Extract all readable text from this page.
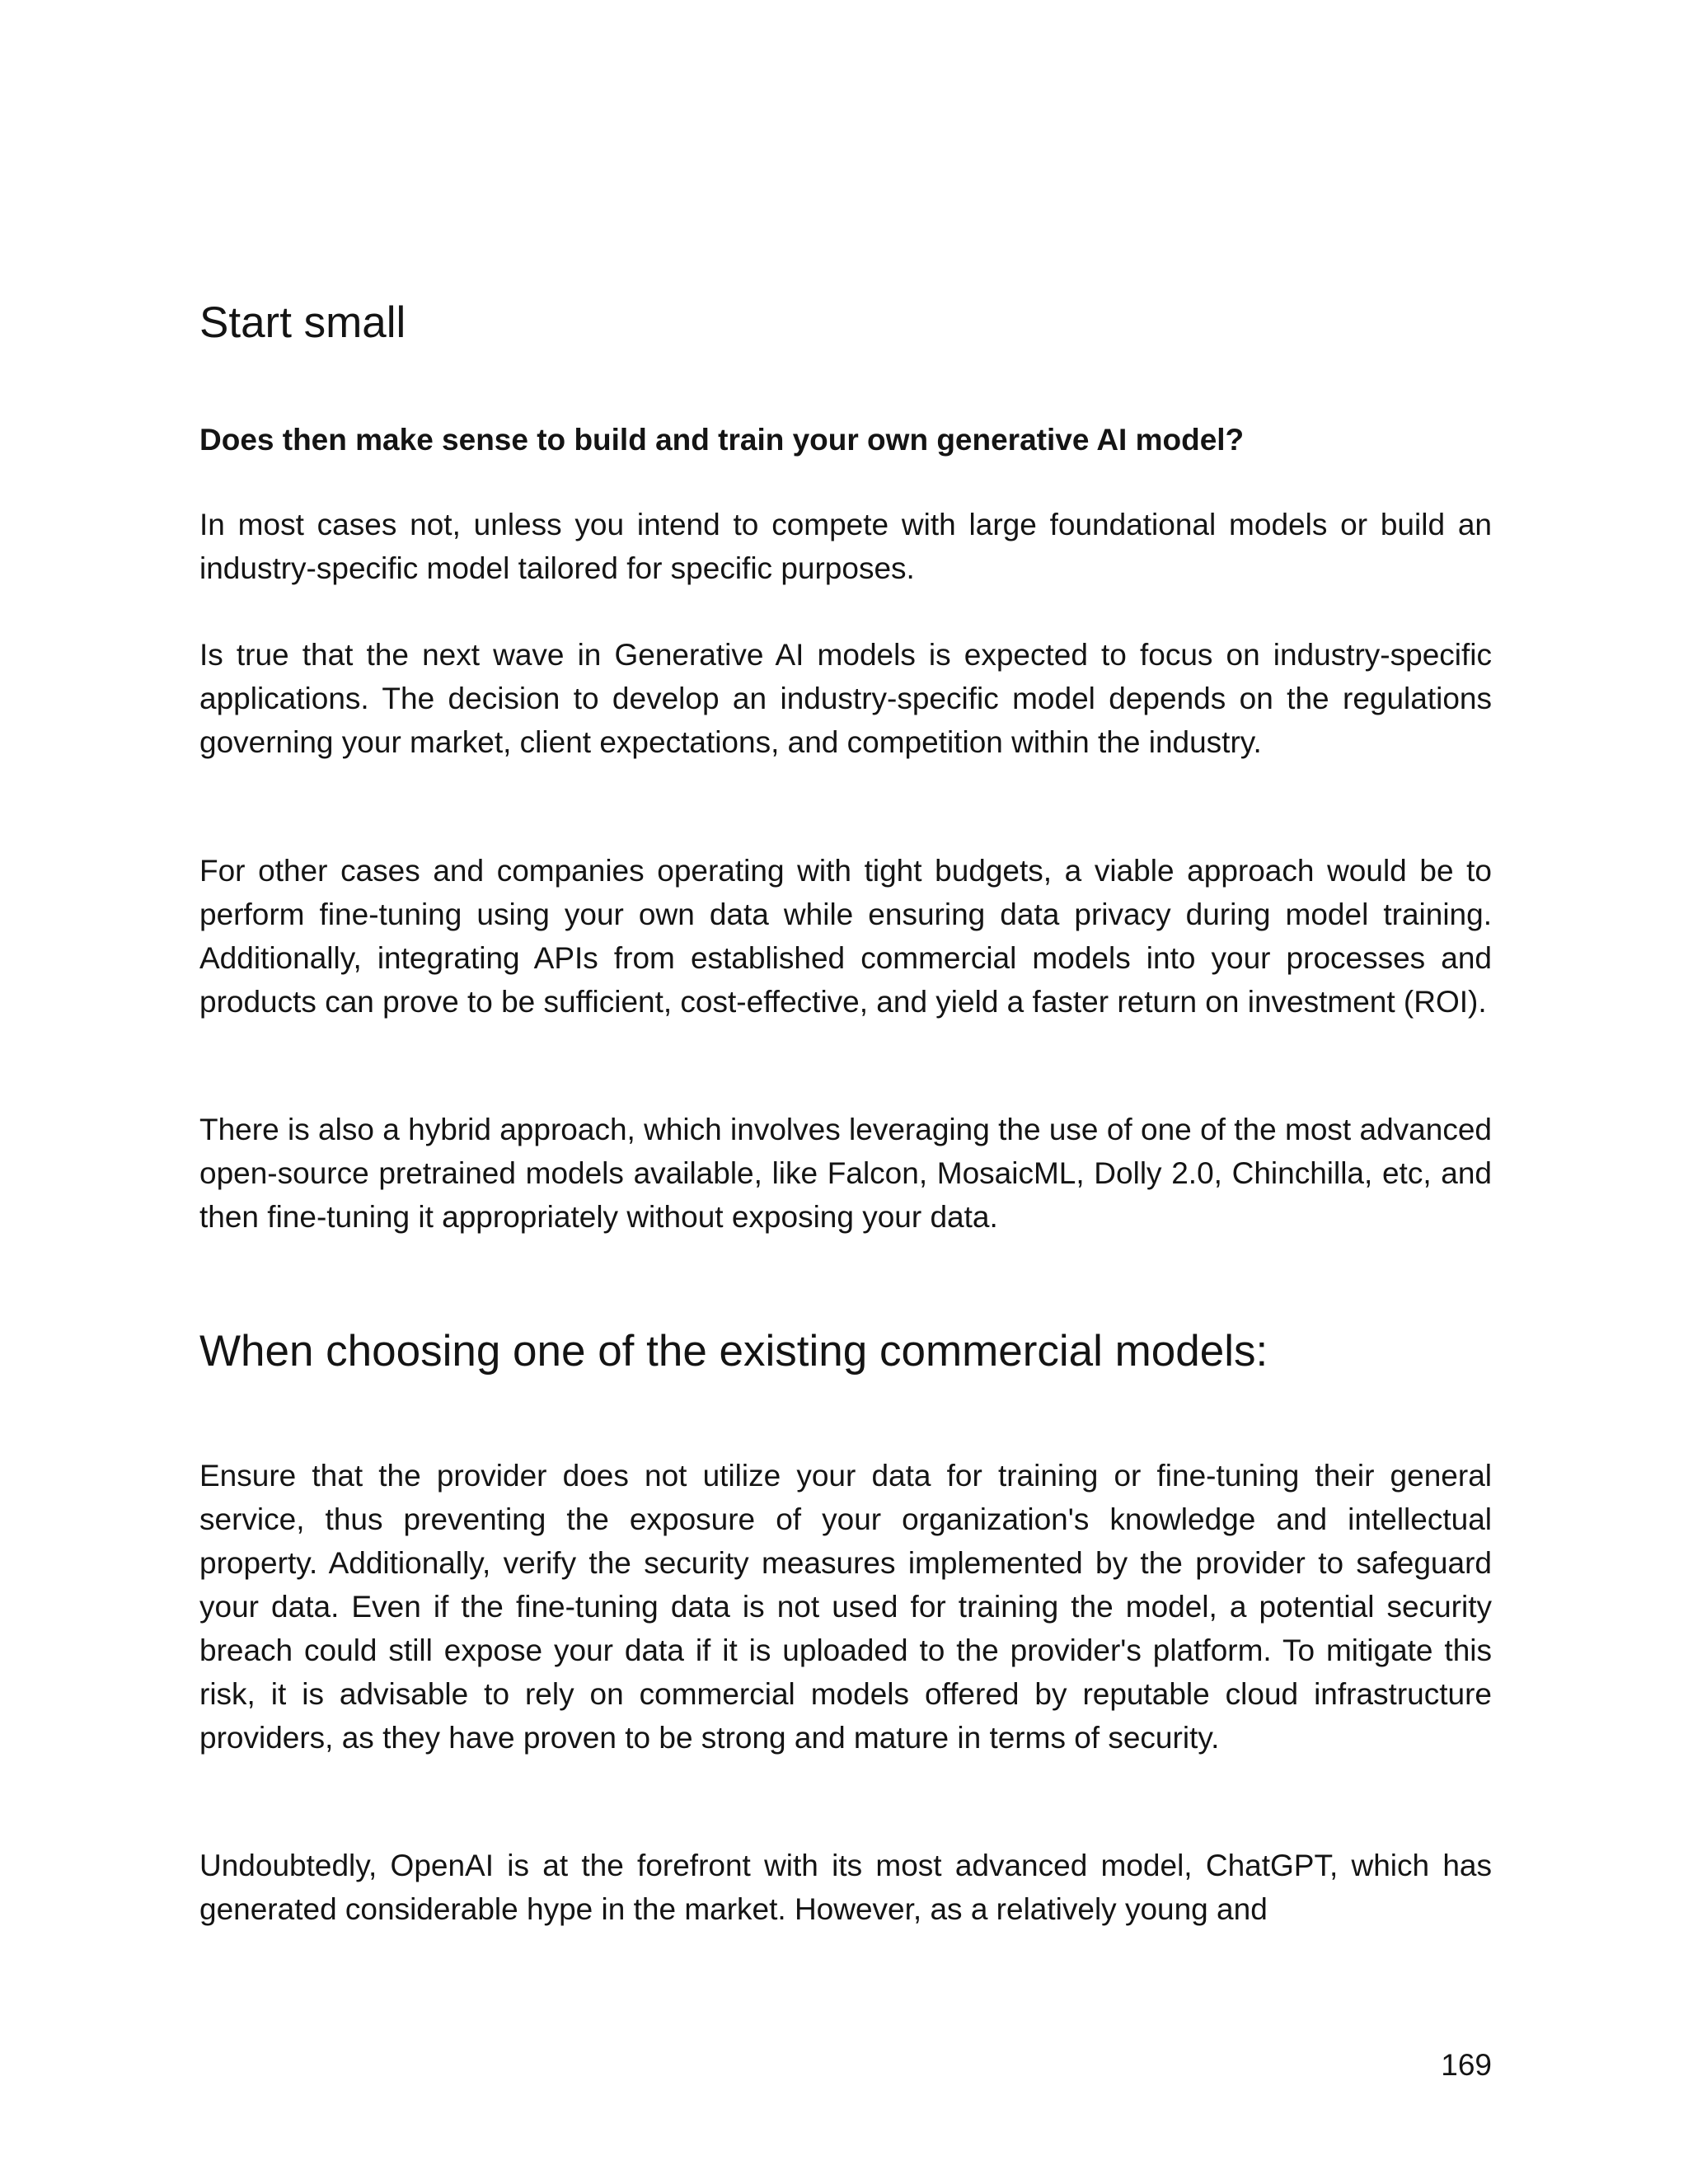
Start small

Does then make sense to build and train your own generative AI model?

In most cases not, unless you intend to compete with large foundational models or build an industry-specific model tailored for specific purposes.

Is true that the next wave in Generative AI models is expected to focus on industry-specific applications. The decision to develop an industry-specific model depends on the regulations governing your market, client expectations, and competition within the industry.

For other cases and companies operating with tight budgets, a viable approach would be to perform fine-tuning using your own data while ensuring data privacy during model training. Additionally, integrating APIs from established commercial models into your processes and products can prove to be sufficient, cost-effective, and yield a faster return on investment (ROI).

There is also a hybrid approach, which involves leveraging the use of one of the most advanced open-source pretrained models available, like Falcon, MosaicML, Dolly 2.0, Chinchilla, etc, and then fine-tuning it appropriately without exposing your data.

When choosing one of the existing commercial models:

Ensure that the provider does not utilize your data for training or fine-tuning their general service, thus preventing the exposure of your organization's knowledge and intellectual property. Additionally, verify the security measures implemented by the provider to safeguard your data. Even if the fine-tuning data is not used for training the model, a potential security breach could still expose your data if it is uploaded to the provider's platform. To mitigate this risk, it is advisable to rely on commercial models offered by reputable cloud infrastructure providers, as they have proven to be strong and mature in terms of security.

Undoubtedly, OpenAI is at the forefront with its most advanced model, ChatGPT, which has generated considerable hype in the market. However, as a relatively young and

169
